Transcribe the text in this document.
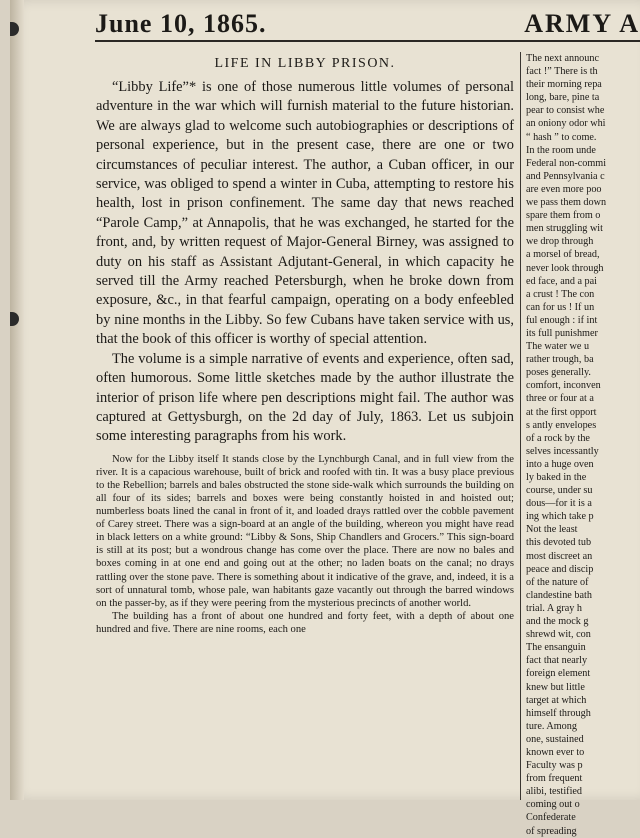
June 10, 1865.	ARMY A
LIFE IN LIBBY PRISON.

“Libby Life”* is one of those numerous little volumes of personal adventure in the war which will furnish material to the future historian. We are always glad to welcome such autobiographies or descriptions of personal experience, but in the present case, there are one or two circumstances of peculiar interest. The author, a Cuban officer, in our service, was obliged to spend a winter in Cuba, attempting to restore his health, lost in prison confinement. The same day that news reached “Parole Camp,” at Annapolis, that he was exchanged, he started for the front, and, by written request of Major-General Birney, was assigned to duty on his staff as Assistant Adjutant-General, in which capacity he served till the Army reached Petersburgh, when he broke down from exposure, &c., in that fearful campaign, operating on a body enfeebled by nine months in the Libby. So few Cubans have taken service with us, that the book of this officer is worthy of special attention.

The volume is a simple narrative of events and experience, often sad, often humorous. Some little sketches made by the author illustrate the interior of prison life where pen descriptions might fail. The author was captured at Gettysburgh, on the 2d day of July, 1863. Let us subjoin some interesting paragraphs from his work.

Now for the Libby itself It stands close by the Lynchburgh Canal, and in full view from the river. It is a capacious warehouse, built of brick and roofed with tin. It was a busy place previous to the Rebellion; barrels and bales obstructed the stone side-walk which surrounds the building on all four of its sides; barrels and boxes were being constantly hoisted in and hoisted out; numberless boats lined the canal in front of it, and loaded drays rattled over the cobble pavement of Carey street. There was a sign-board at an angle of the building, whereon you might have read in black letters on a white ground: “Libby & Sons, Ship Chandlers and Grocers.” This sign-board is still at its post; but a wondrous change has come over the place. There are now no bales and boxes coming in at one end and going out at the other; no laden boats on the canal; no drays rattling over the stone pave. There is something about it indicative of the grave, and, indeed, it is a sort of unnatural tomb, whose pale, wan habitants gaze vacantly out through the barred windows on the passer-by, as if they were peering from the mysterious precincts of another world.

The building has a front of about one hundred and forty feet, with a depth of about one hundred and five. There are nine rooms, each one

The next announc
fact !” There is th
their morning repa
long, bare, pine ta
pear to consist whe
an oniony odor whi
“ hash ” to come.
In the room unde
Federal non-commi
and Pennsylvania c
are even more poo
we pass them down
spare them from o
men struggling wit
we drop through
a morsel of bread,
never look through
ed face, and a pai
a crust ! The con
can for us ! If un
ful enough : if int
its full punishmer
The water we u
rather trough, ba
poses generally.
comfort, inconven
three or four at a
at the first opport
s antly envelopes
of a rock by the
selves incessantly
into a huge oven
ly baked in the
course, under su
dous—for it is a
ing which take p
Not the least
this devoted tub
most discreet an
peace and discip
of the nature of
clandestine bath
trial. A gray h
and the mock g
shrewd wit, con
The ensanguin
fact that nearly
foreign element
knew but little
target at which
himself through
ture. Among
one, sustained
known ever to
Faculty was p
from frequent
alibi, testified
coming out o
Confederate
of spreading
